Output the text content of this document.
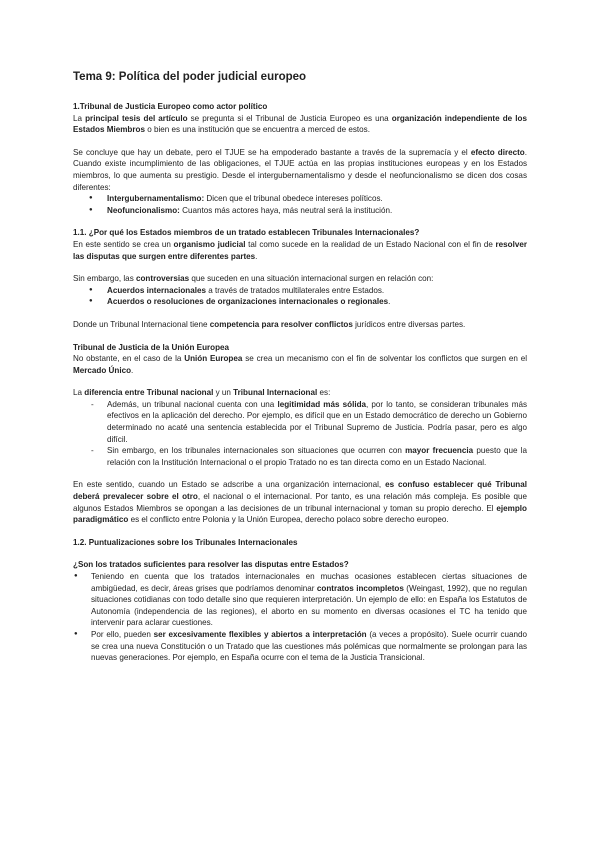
Tema 9: Política del poder judicial europeo
1.Tribunal de Justicia Europeo como actor político

La principal tesis del artículo se pregunta si el Tribunal de Justicia Europeo es una organización independiente de los Estados Miembros o bien es una institución que se encuentra a merced de estos.

Se concluye que hay un debate, pero el TJUE se ha empoderado bastante a través de la supremacía y el efecto directo. Cuando existe incumplimiento de las obligaciones, el TJUE actúa en las propias instituciones europeas y en los Estados miembros, lo que aumenta su prestigio. Desde el intergubernamentalismo y desde el neofuncionalismo se dicen dos cosas diferentes:

● Intergubernamentalismo: Dicen que el tribunal obedece intereses políticos.
● Neofuncionalismo: Cuantos más actores haya, más neutral será la institución.
1.1. ¿Por qué los Estados miembros de un tratado establecen Tribunales Internacionales?

En este sentido se crea un organismo judicial tal como sucede en la realidad de un Estado Nacional con el fin de resolver las disputas que surgen entre diferentes partes.

Sin embargo, las controversias que suceden en una situación internacional surgen en relación con:

● Acuerdos internacionales a través de tratados multilaterales entre Estados.
● Acuerdos o resoluciones de organizaciones internacionales o regionales.

Donde un Tribunal Internacional tiene competencia para resolver conflictos jurídicos entre diversas partes.

Tribunal de Justicia de la Unión Europea

No obstante, en el caso de la Unión Europea se crea un mecanismo con el fin de solventar los conflictos que surgen en el Mercado Único.

La diferencia entre Tribunal nacional y un Tribunal Internacional es:

- Además, un tribunal nacional cuenta con una legitimidad más sólida, por lo tanto, se consideran tribunales más efectivos en la aplicación del derecho. Por ejemplo, es difícil que en un Estado democrático de derecho un Gobierno determinado no acaté una sentencia establecida por el Tribunal Supremo de Justicia. Podría pasar, pero es algo difícil.
- Sin embargo, en los tribunales internacionales son situaciones que ocurren con mayor frecuencia puesto que la relación con la Institución Internacional o el propio Tratado no es tan directa como en un Estado Nacional.

En este sentido, cuando un Estado se adscribe a una organización internacional, es confuso establecer qué Tribunal deberá prevalecer sobre el otro, el nacional o el internacional. Por tanto, es una relación más compleja. Es posible que algunos Estados Miembros se opongan a las decisiones de un tribunal internacional y toman su propio derecho. El ejemplo paradigmático es el conflicto entre Polonia y la Unión Europea, derecho polaco sobre derecho europeo.

1.2. Puntualizaciones sobre los Tribunales Internacionales
¿Son los tratados suficientes para resolver las disputas entre Estados?
● Teniendo en cuenta que los tratados internacionales en muchas ocasiones establecen ciertas situaciones de ambigüedad, es decir, áreas grises que podríamos denominar contratos incompletos (Weingast, 1992), que no regulan situaciones cotidianas con todo detalle sino que requieren interpretación. Un ejemplo de ello: en España los Estatutos de Autonomía (independencia de las regiones), el aborto en su momento en diversas ocasiones el TC ha tenido que intervenir para aclarar cuestiones.
● Por ello, pueden ser excesivamente flexibles y abiertos a interpretación (a veces a propósito). Suele ocurrir cuando se crea una nueva Constitución o un Tratado que las cuestiones más polémicas que normalmente se prolongan para las nuevas generaciones. Por ejemplo, en España ocurre con el tema de la Justicia Transicional.
